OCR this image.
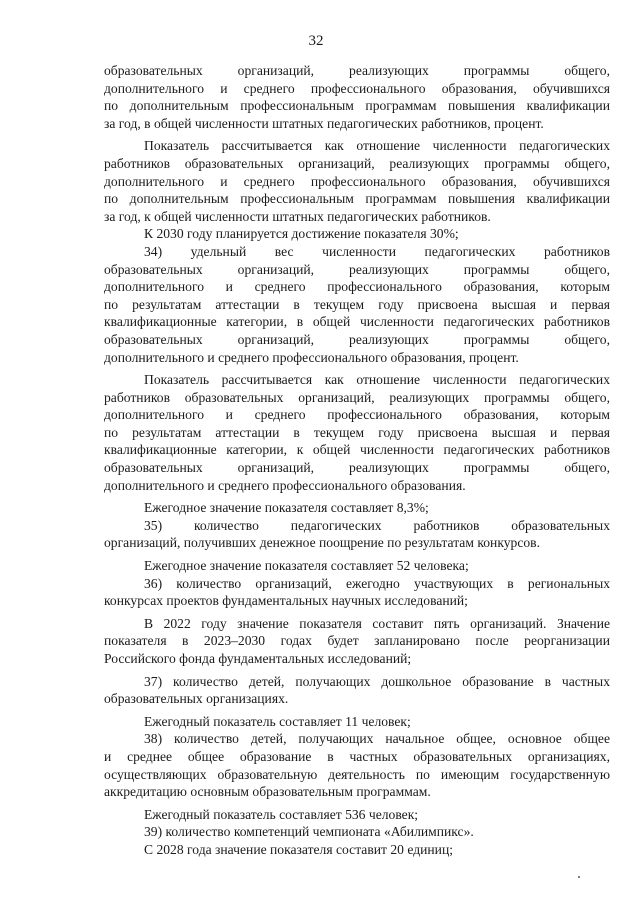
32

образовательных организаций, реализующих программы общего,
дополнительного и среднего профессионального образования, обучившихся
по дополнительным профессиональным программам повышения квалификации
за год, в общей численности штатных педагогических работников, процент.

Показатель рассчитывается как отношение численности педагогических
работников образовательных организаций, реализующих программы общего,
дополнительного и среднего профессионального образования, обучившихся
по дополнительным профессиональным программам повышения квалификации
за год, к общей численности штатных педагогических работников.

К 2030 году планируется достижение показателя 30%;

34) удельный вес численности педагогических работников
образовательных организаций, реализующих программы общего,
дополнительного и среднего профессионального образования, которым
по результатам аттестации в текущем году присвоена высшая и первая
квалификационные категории, в общей численности педагогических работников
образовательных организаций, реализующих программы общего,
дополнительного и среднего профессионального образования, процент.

Показатель рассчитывается как отношение численности педагогических
работников образовательных организаций, реализующих программы общего,
дополнительного и среднего профессионального образования, которым
по результатам аттестации в текущем году присвоена высшая и первая
квалификационные категории, к общей численности педагогических работников
образовательных организаций, реализующих программы общего,
дополнительного и среднего профессионального образования.

Ежегодное значение показателя составляет 8,3%;

35) количество педагогических работников образовательных
организаций, получивших денежное поощрение по результатам конкурсов.

Ежегодное значение показателя составляет 52 человека;

36) количество организаций, ежегодно участвующих в региональных
конкурсах проектов фундаментальных научных исследований;

В 2022 году значение показателя составит пять организаций. Значение
показателя в 2023–2030 годах будет запланировано после реорганизации
Российского фонда фундаментальных исследований;

37) количество детей, получающих дошкольное образование в частных
образовательных организациях.

Ежегодный показатель составляет 11 человек;

38) количество детей, получающих начальное общее, основное общее
и среднее общее образование в частных образовательных организациях,
осуществляющих образовательную деятельность по имеющим государственную
аккредитацию основным образовательным программам.

Ежегодный показатель составляет 536 человек;

39) количество компетенций чемпионата «Абилимпикс».

С 2028 года значение показателя составит 20 единиц;
